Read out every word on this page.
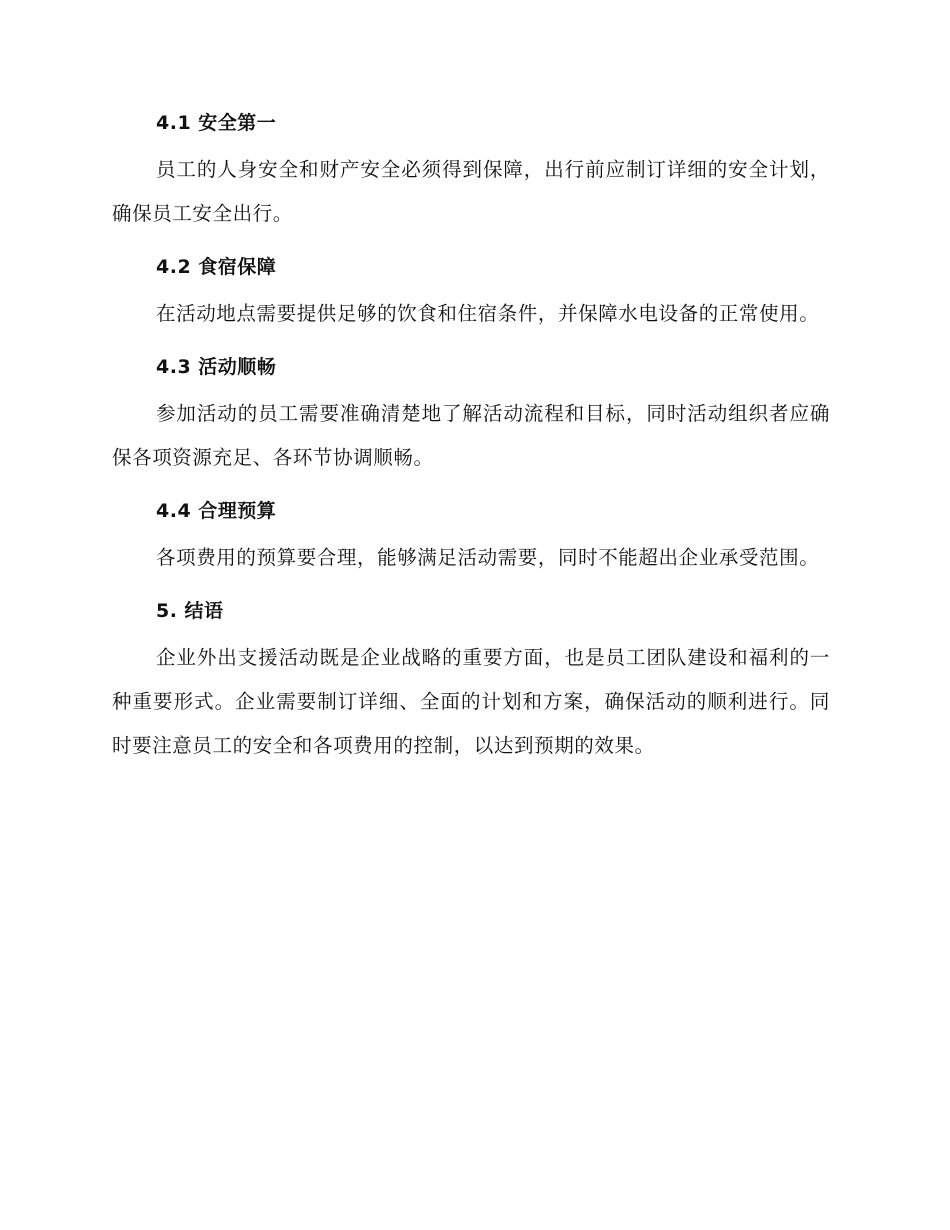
4.1 安全第一

员工的人身安全和财产安全必须得到保障，出行前应制订详细的安全计划，确保员工安全出行。

4.2 食宿保障

在活动地点需要提供足够的饮食和住宿条件，并保障水电设备的正常使用。

4.3 活动顺畅

参加活动的员工需要准确清楚地了解活动流程和目标，同时活动组织者应确保各项资源充足、各环节协调顺畅。

4.4 合理预算

各项费用的预算要合理，能够满足活动需要，同时不能超出企业承受范围。

5. 结语

企业外出支援活动既是企业战略的重要方面，也是员工团队建设和福利的一种重要形式。企业需要制订详细、全面的计划和方案，确保活动的顺利进行。同时要注意员工的安全和各项费用的控制，以达到预期的效果。
